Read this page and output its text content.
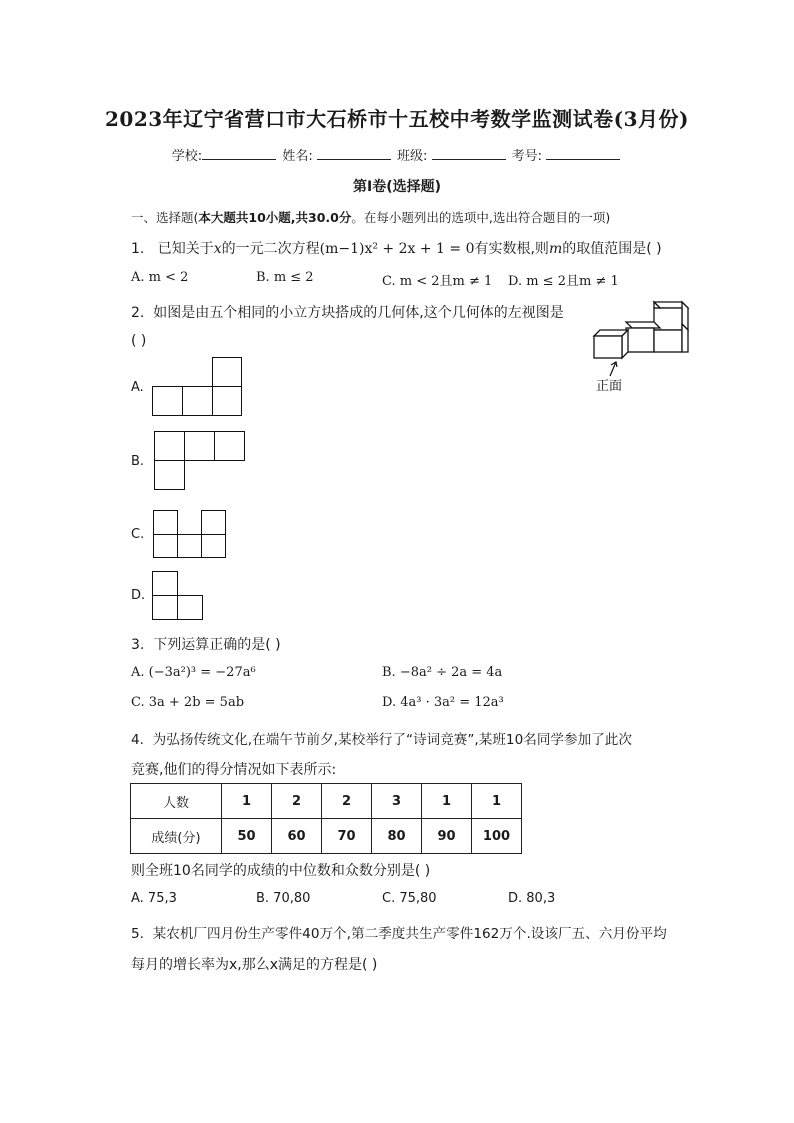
2023年辽宁省营口市大石桥市十五校中考数学监测试卷(3月份)
学校:	姓名:	班级:	考号:
第I卷(选择题)
一、选择题(本大题共10小题,共30.0分。在每小题列出的选项中,选出符合题目的一项)
1. 已知关于x的一元二次方程(m−1)x² + 2x + 1 = 0有实数根,则m的取值范围是( )
A. m < 2	B. m ≤ 2	C. m < 2且m ≠ 1 D. m ≤ 2且m ≠ 1
2. 如图是由五个相同的小立方块搭成的几何体,这个几何体的左视图是
( )
正面
A.
B.
C.
D.
3. 下列运算正确的是( )
A. (−3a²)³ = −27a⁶	B. −8a² ÷ 2a = 4a
C. 3a + 2b = 5ab	D. 4a³ · 3a² = 12a³
4. 为弘扬传统文化,在端午节前夕,某校举行了“诗词竞赛”,某班10名同学参加了此次
竞赛,他们的得分情况如下表所示:
人数	1	2	2	3	1	1
成绩(分)	50	60	70	80	90	100
则全班10名同学的成绩的中位数和众数分别是( )
A. 75,3	B. 70,80	C. 75,80	D. 80,3
5. 某农机厂四月份生产零件40万个,第二季度共生产零件162万个.设该厂五、六月份平均
每月的增长率为x,那么x满足的方程是( )
